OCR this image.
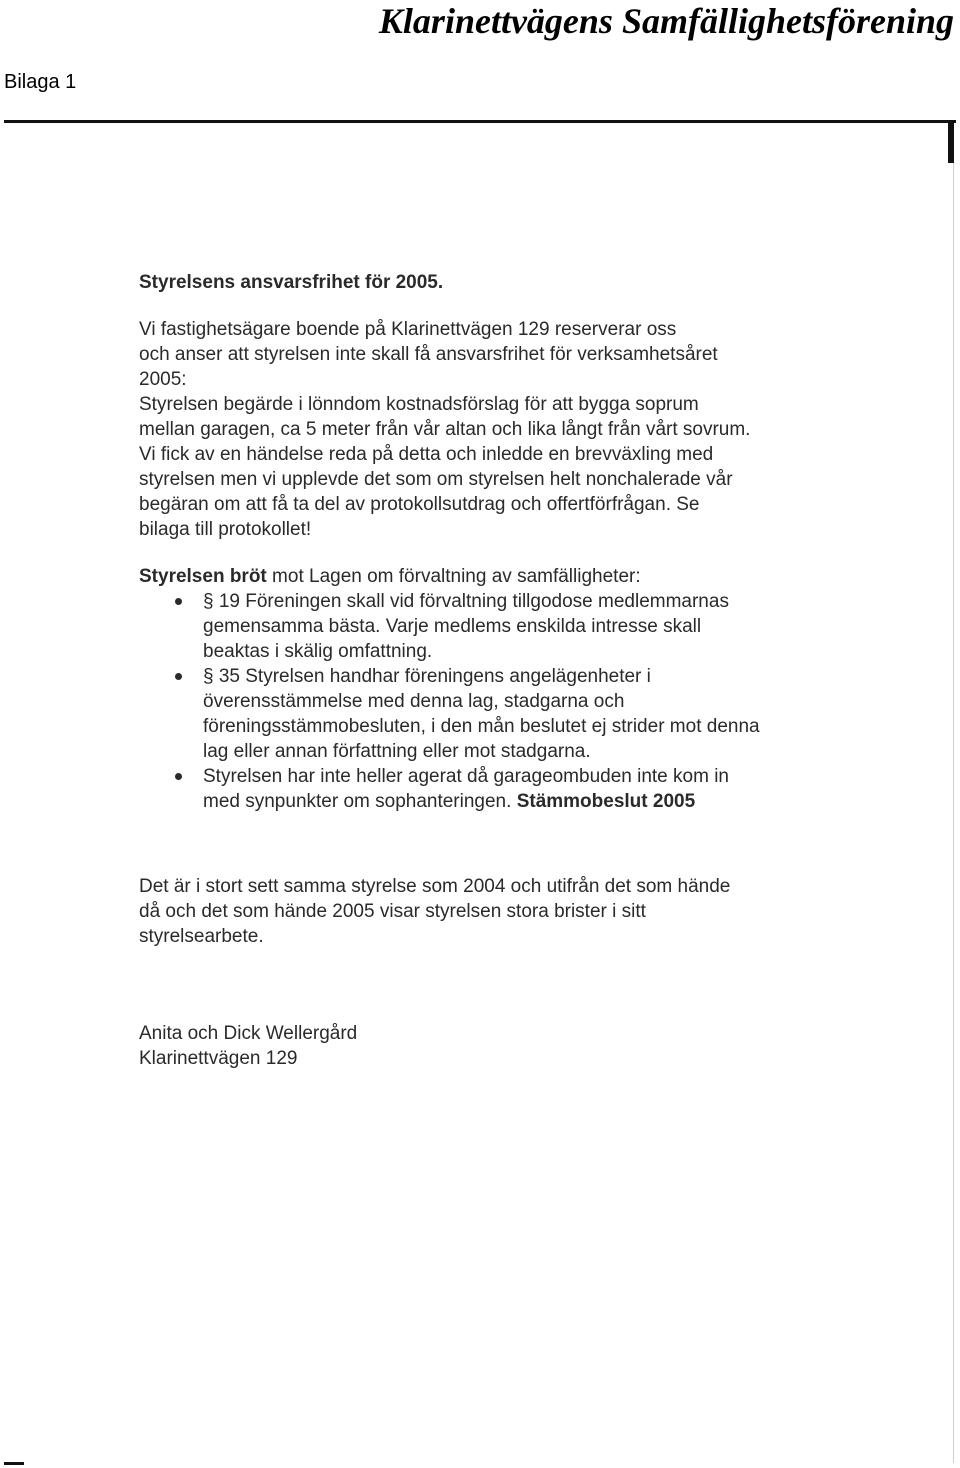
Klarinettvägens Samfällighetsförening
Bilaga 1

Styrelsens ansvarsfrihet för 2005.

Vi fastighetsägare boende på Klarinettvägen 129 reserverar oss

och anser att styrelsen inte skall få ansvarsfrihet för verksamhetsåret

2005:

Styrelsen begärde i lönndom kostnadsförslag för att bygga soprum

mellan garagen, ca 5 meter från vår altan och lika långt från vårt sovrum.

Vi fick av en händelse reda på detta och inledde en brevväxling med

styrelsen men vi upplevde det som om styrelsen helt nonchalerade vår

begäran om att få ta del av protokollsutdrag och offertförfrågan. Se

bilaga till protokollet!

Styrelsen bröt mot Lagen om förvaltning av samfälligheter:

§ 19 Föreningen skall vid förvaltning tillgodose medlemmarnas

gemensamma bästa. Varje medlems enskilda intresse skall

beaktas i skälig omfattning.

§ 35 Styrelsen handhar föreningens angelägenheter i

överensstämmelse med denna lag, stadgarna och

föreningsstämmobesluten, i den mån beslutet ej strider mot denna

lag eller annan författning eller mot stadgarna.

Styrelsen har inte heller agerat då garageombuden inte kom in

med synpunkter om sophanteringen. Stämmobeslut 2005

Det är i stort sett samma styrelse som 2004 och utifrån det som hände

då och det som hände 2005 visar styrelsen stora brister i sitt

styrelsearbete.

Anita och Dick Wellergård

Klarinettvägen 129
